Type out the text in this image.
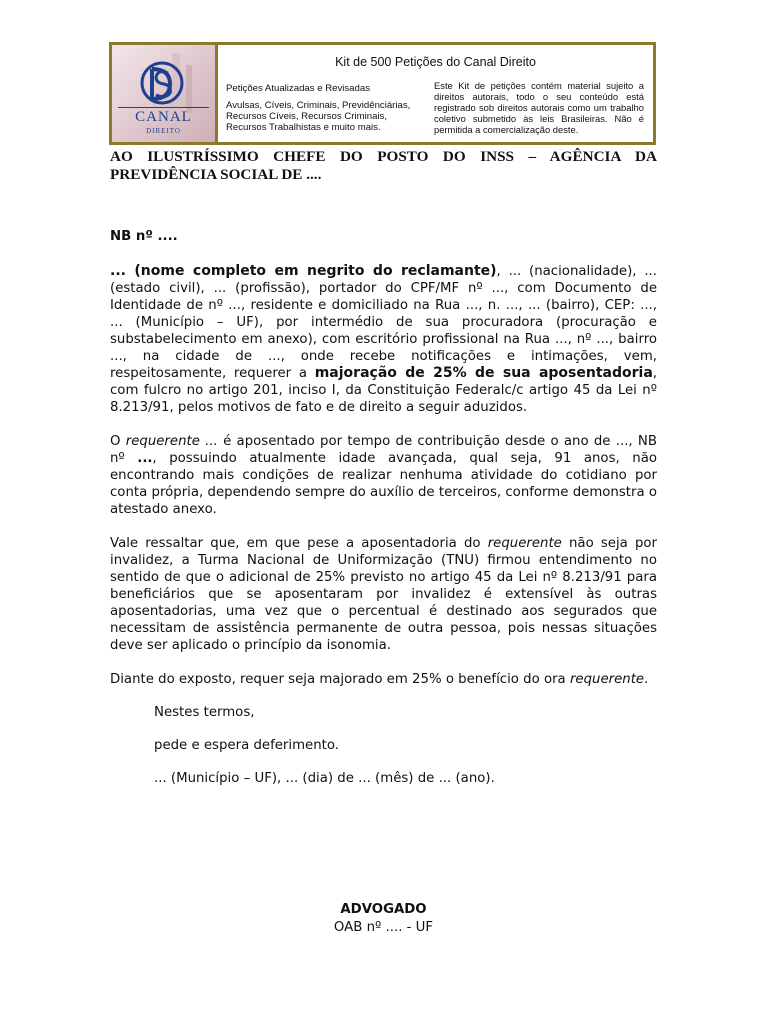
CANAL
DIREITO
Kit de 500 Petições do Canal Direito
Petições Atualizadas e Revisadas
Avulsas, Cíveis, Criminais, Previdênciárias, Recursos Cíveis, Recursos Criminais, Recursos Trabalhistas e muito mais.
Este Kit de petições contém material sujeito a direitos autorais, todo o seu conteúdo está registrado sob direitos autorais como um trabalho coletivo submetido às leis Brasileiras. Não é permitida a comercialização deste.
AO ILUSTRÍSSIMO CHEFE DO POSTO DO INSS – AGÊNCIA DA PREVIDÊNCIA SOCIAL DE ....
NB nº ....

... (nome completo em negrito do reclamante), ... (nacionalidade), ... (estado civil), ... (profissão), portador do CPF/MF nº ..., com Documento de Identidade de nº ..., residente e domiciliado na Rua ..., n. ..., ... (bairro), CEP: ..., ... (Município – UF), por intermédio de sua procuradora (procuração e substabelecimento em anexo), com escritório profissional na Rua ..., nº ..., bairro ..., na cidade de ..., onde recebe notificações e intimações, vem, respeitosamente, requerer a majoração de 25% de sua aposentadoria, com fulcro no artigo 201, inciso I, da Constituição Federalc/c artigo 45 da Lei nº 8.213/91, pelos motivos de fato e de direito a seguir aduzidos.

O requerente ... é aposentado por tempo de contribuição desde o ano de ..., NB nº ..., possuindo atualmente idade avançada, qual seja, 91 anos, não encontrando mais condições de realizar nenhuma atividade do cotidiano por conta própria, dependendo sempre do auxílio de terceiros, conforme demonstra o atestado anexo.

Vale ressaltar que, em que pese a aposentadoria do requerente não seja por invalidez, a Turma Nacional de Uniformização (TNU) firmou entendimento no sentido de que o adicional de 25% previsto no artigo 45 da Lei nº 8.213/91 para beneficiários que se aposentaram por invalidez é extensível às outras aposentadorias, uma vez que o percentual é destinado aos segurados que necessitam de assistência permanente de outra pessoa, pois nessas situações deve ser aplicado o princípio da isonomia.

Diante do exposto, requer seja majorado em 25% o benefício do ora requerente.

Nestes termos,

pede e espera deferimento.

... (Município – UF), ... (dia) de ... (mês) de ... (ano).

ADVOGADO
OAB nº .... - UF
